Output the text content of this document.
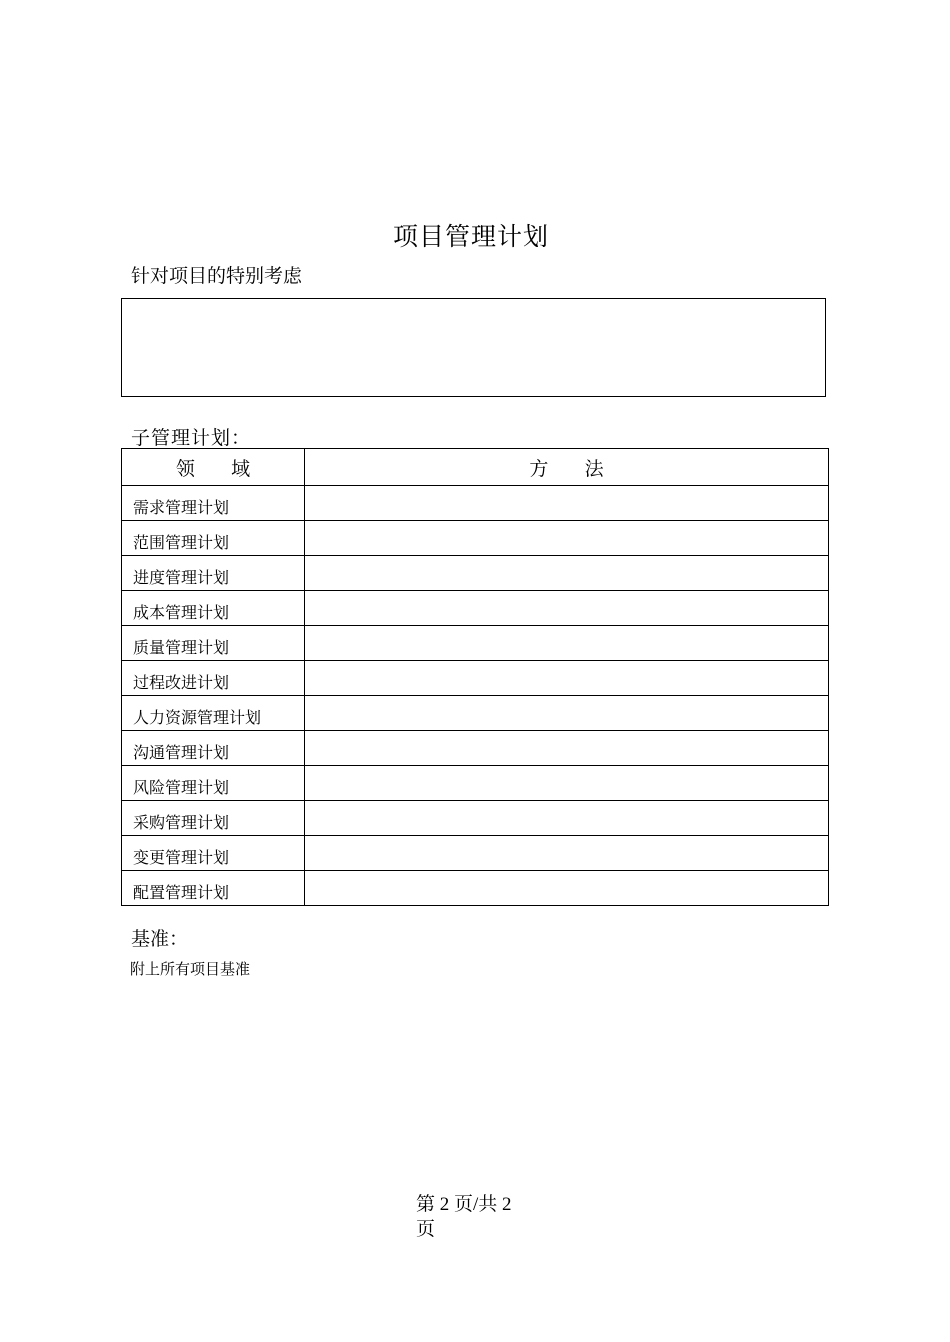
项目管理计划
针对项目的特别考虑
子管理计划：
领      域	方      法
需求管理计划	
范围管理计划	
进度管理计划	
成本管理计划	
质量管理计划	
过程改进计划	
人力资源管理计划	
沟通管理计划	
风险管理计划	
采购管理计划	
变更管理计划	
配置管理计划	
基准：
附上所有项目基准
第 2 页/共 2 页
